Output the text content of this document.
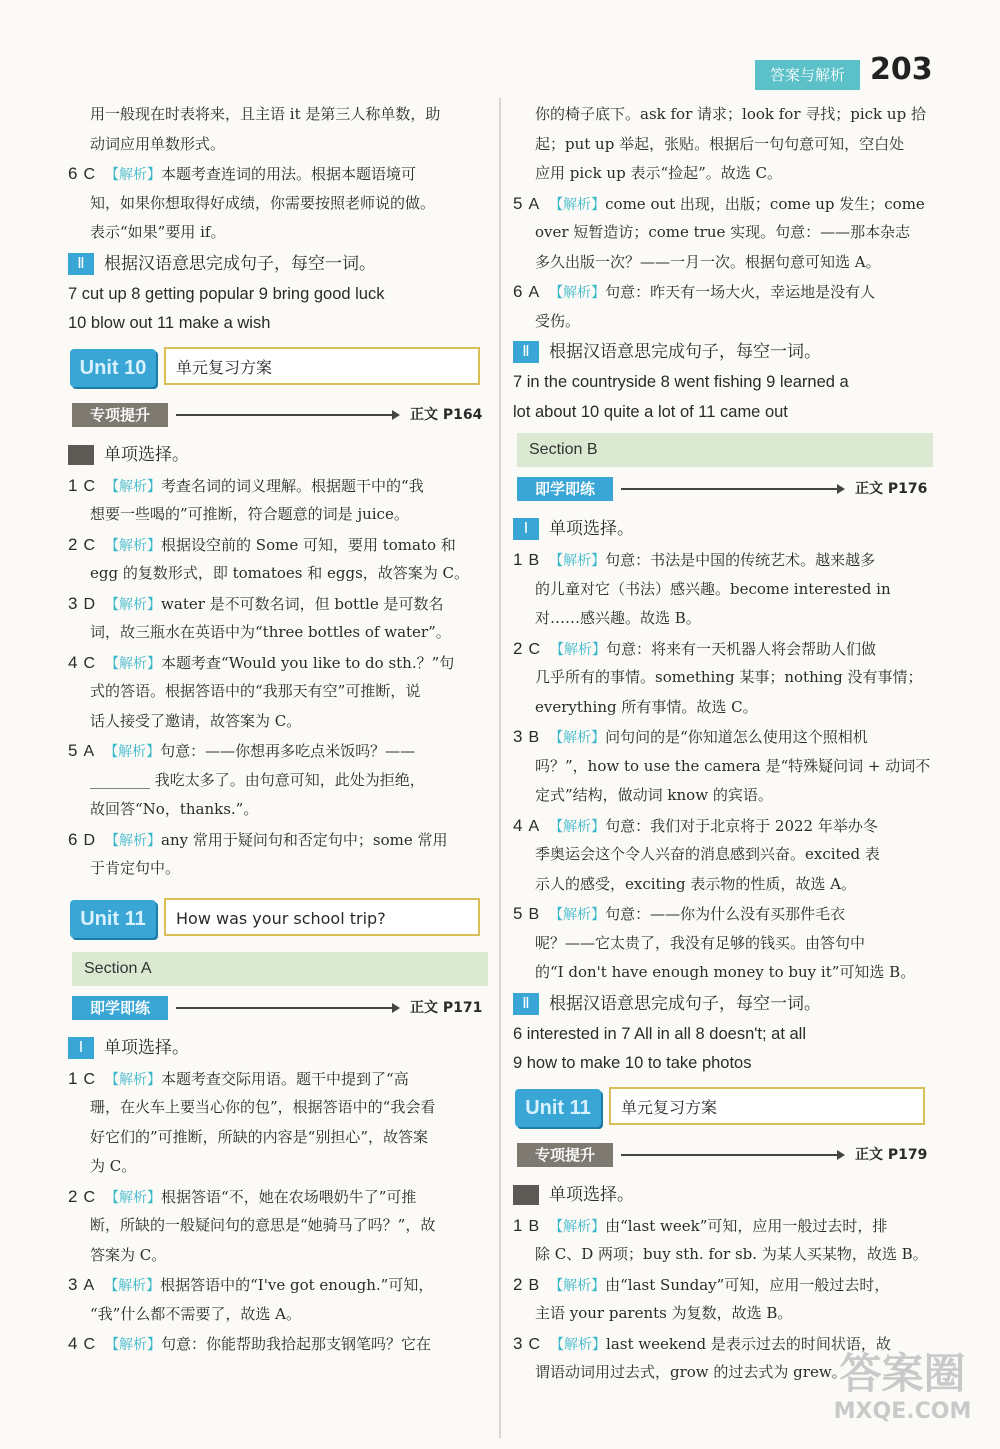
答案与解析 203
用一般现在时表将来，且主语 it 是第三人称单数，助
动词应用单数形式。
6 C 【解析】本题考查连词的用法。根据本题语境可
知，如果你想取得好成绩，你需要按照老师说的做。
表示“如果”要用 if。
Ⅱ 根据汉语意思完成句子，每空一词。
7 cut up 8 getting popular 9 bring good luck
10 blow out 11 make a wish
Unit 10	单元复习方案
专项提升	正文 P164
单项选择。
1 C 【解析】考查名词的词义理解。根据题干中的“我
想要一些喝的”可推断，符合题意的词是 juice。
2 C 【解析】根据设空前的 Some 可知，要用 tomato 和
egg 的复数形式，即 tomatoes 和 eggs，故答案为 C。
3 D 【解析】water 是不可数名词，但 bottle 是可数名
词，故三瓶水在英语中为“three bottles of water”。
4 C 【解析】本题考查“Would you like to do sth.？”句
式的答语。根据答语中的“我那天有空”可推断，说
话人接受了邀请，故答案为 C。
5 A 【解析】句意：——你想再多吃点米饭吗？——
________ 我吃太多了。由句意可知，此处为拒绝，
故回答“No，thanks.”。
6 D 【解析】any 常用于疑问句和否定句中；some 常用
于肯定句中。
Unit 11	How was your school trip?
Section A
即学即练	正文 P171
Ⅰ 单项选择。
1 C 【解析】本题考查交际用语。题干中提到了“高
珊，在火车上要当心你的包”，根据答语中的“我会看
好它们的”可推断，所缺的内容是“别担心”，故答案
为 C。
2 C 【解析】根据答语“不，她在农场喂奶牛了”可推
断，所缺的一般疑问句的意思是“她骑马了吗？”，故
答案为 C。
3 A 【解析】根据答语中的“I've got enough.”可知，
“我”什么都不需要了，故选 A。
4 C 【解析】句意：你能帮助我拾起那支钢笔吗？它在
你的椅子底下。ask for 请求；look for 寻找；pick up 拾
起；put up 举起，张贴。根据后一句句意可知，空白处
应用 pick up 表示“捡起”。故选 C。
5 A 【解析】come out 出现，出版；come up 发生；come
over 短暂造访；come true 实现。句意：——那本杂志
多久出版一次？——一月一次。根据句意可知选 A。
6 A 【解析】句意：昨天有一场大火，幸运地是没有人
受伤。
Ⅱ 根据汉语意思完成句子，每空一词。
7 in the countryside 8 went fishing 9 learned a
lot about 10 quite a lot of 11 came out
Section B
即学即练	正文 P176
Ⅰ 单项选择。
1 B 【解析】句意：书法是中国的传统艺术。越来越多
的儿童对它（书法）感兴趣。become interested in
对……感兴趣。故选 B。
2 C 【解析】句意：将来有一天机器人将会帮助人们做
几乎所有的事情。something 某事；nothing 没有事情；
everything 所有事情。故选 C。
3 B 【解析】问句问的是“你知道怎么使用这个照相机
吗？”，how to use the camera 是“特殊疑问词 + 动词不
定式”结构，做动词 know 的宾语。
4 A 【解析】句意：我们对于北京将于 2022 年举办冬
季奥运会这个令人兴奋的消息感到兴奋。excited 表
示人的感受，exciting 表示物的性质，故选 A。
5 B 【解析】句意：——你为什么没有买那件毛衣
呢？——它太贵了，我没有足够的钱买。由答句中
的“I don't have enough money to buy it”可知选 B。
Ⅱ 根据汉语意思完成句子，每空一词。
6 interested in 7 All in all 8 doesn't; at all
9 how to make 10 to take photos
Unit 11	单元复习方案
专项提升	正文 P179
单项选择。
1 B 【解析】由“last week”可知，应用一般过去时，排
除 C、D 两项；buy sth. for sb. 为某人买某物，故选 B。
2 B 【解析】由“last Sunday”可知，应用一般过去时，
主语 your parents 为复数，故选 B。
3 C 【解析】last weekend 是表示过去的时间状语，故
谓语动词用过去式，grow 的过去式为 grew。
答案圈
MXQE.COM
